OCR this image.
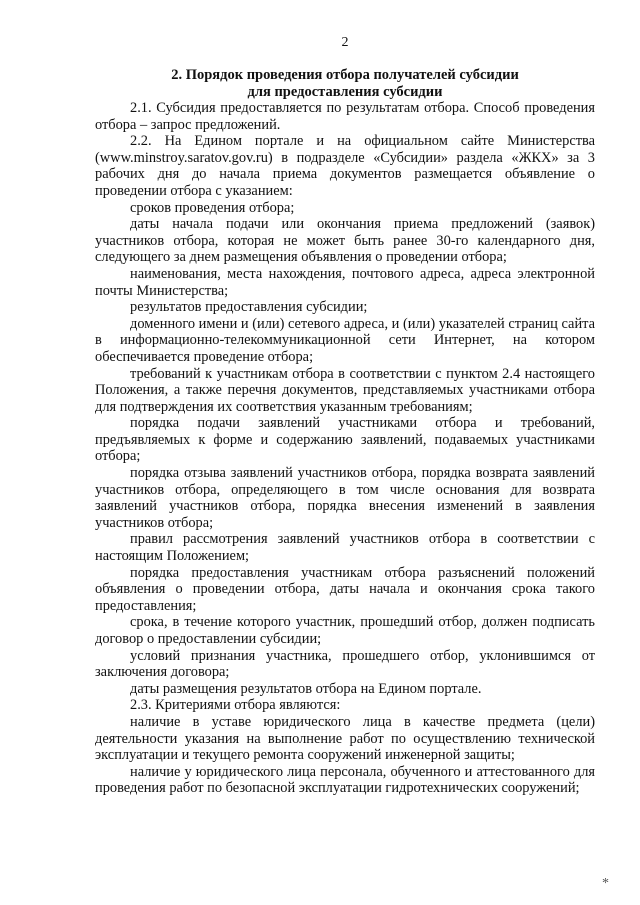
2
2. Порядок проведения отбора получателей субсидии
для предоставления субсидии

2.1. Субсидия предоставляется по результатам отбора. Способ проведения отбора – запрос предложений.

2.2. На Едином портале и на официальном сайте Министерства (www.minstroy.saratov.gov.ru) в подразделе «Субсидии» раздела «ЖКХ» за 3 рабочих дня до начала приема документов размещается объявление о проведении отбора с указанием:

сроков проведения отбора;

даты начала подачи или окончания приема предложений (заявок) участников отбора, которая не может быть ранее 30-го календарного дня, следующего за днем размещения объявления о проведении отбора;

наименования, места нахождения, почтового адреса, адреса электронной почты Министерства;

результатов предоставления субсидии;

доменного имени и (или) сетевого адреса, и (или) указателей страниц сайта в информационно-телекоммуникационной сети Интернет, на котором обеспечивается проведение отбора;

требований к участникам отбора в соответствии с пунктом 2.4 настоящего Положения, а также перечня документов, представляемых участниками отбора для подтверждения их соответствия указанным требованиям;

порядка подачи заявлений участниками отбора и требований, предъявляемых к форме и содержанию заявлений, подаваемых участниками отбора;

порядка отзыва заявлений участников отбора, порядка возврата заявлений участников отбора, определяющего в том числе основания для возврата заявлений участников отбора, порядка внесения изменений в заявления участников отбора;

правил рассмотрения заявлений участников отбора в соответствии с настоящим Положением;

порядка предоставления участникам отбора разъяснений положений объявления о проведении отбора, даты начала и окончания срока такого предоставления;

срока, в течение которого участник, прошедший отбор, должен подписать договор о предоставлении субсидии;

условий признания участника, прошедшего отбор, уклонившимся от заключения договора;

даты размещения результатов отбора на Едином портале.

2.3. Критериями отбора являются:

наличие в уставе юридического лица в качестве предмета (цели) деятельности указания на выполнение работ по осуществлению технической эксплуатации и текущего ремонта сооружений инженерной защиты;

наличие у юридического лица персонала, обученного и аттестованного для проведения работ по безопасной эксплуатации гидротехнических сооружений;

*
